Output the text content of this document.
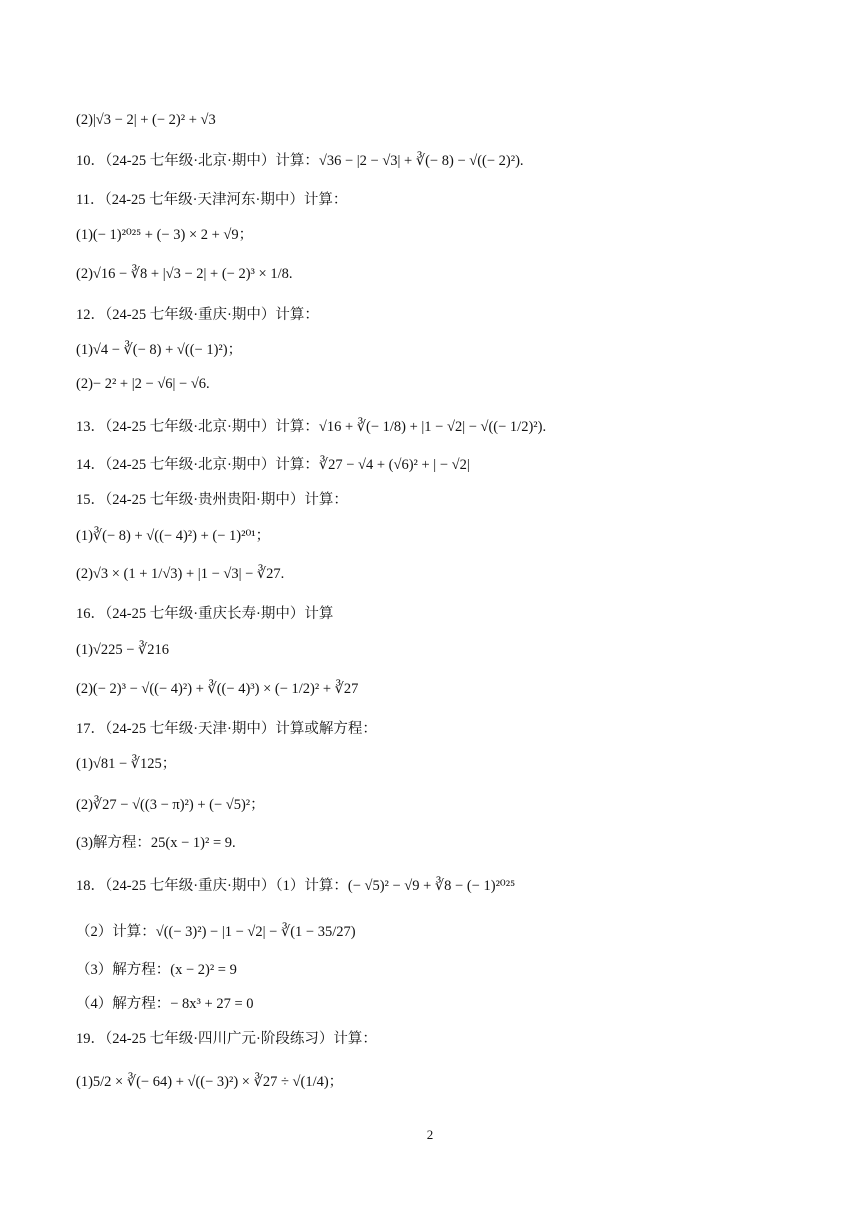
(2)|√3 − 2| + (− 2)² + √3
10．（24-25 七年级·北京·期中）计算：√36 − |2 − √3| + ∛(− 8) − √((− 2)²).
11．（24-25 七年级·天津河东·期中）计算：
(1)(− 1)²⁰²⁵ + (− 3) × 2 + √9；
(2)√16 − ∛8 + |√3 − 2| + (− 2)³ × 1/8.
12．（24-25 七年级·重庆·期中）计算：
(1)√4 − ∛(− 8) + √((− 1)²)；
(2)− 2² + |2 − √6| − √6.
13．（24-25 七年级·北京·期中）计算：√16 + ∛(− 1/8) + |1 − √2| − √((− 1/2)²).
14．（24-25 七年级·北京·期中）计算：∛27 − √4 + (√6)² + | − √2|
15．（24-25 七年级·贵州贵阳·期中）计算：
(1)∛(− 8) + √((− 4)²) + (− 1)²⁰¹；
(2)√3 × (1 + 1/√3) + |1 − √3| − ∛27.
16．（24-25 七年级·重庆长寿·期中）计算
(1)√225 − ∛216
(2)(− 2)³ − √((− 4)²) + ∛((− 4)³) × (− 1/2)² + ∛27
17．（24-25 七年级·天津·期中）计算或解方程：
(1)√81 − ∛125；
(2)∛27 − √((3 − π)²) + (− √5)²；
(3)解方程：25(x − 1)² = 9.
18．（24-25 七年级·重庆·期中）（1）计算：(− √5)² − √9 + ∛8 − (− 1)²⁰²⁵
（2）计算：√((− 3)²) − |1 − √2| − ∛(1 − 35/27)
（3）解方程：(x − 2)² = 9
（4）解方程：− 8x³ + 27 = 0
19．（24-25 七年级·四川广元·阶段练习）计算：
(1)5/2 × ∛(− 64) + √((− 3)²) × ∛27 ÷ √(1/4)；
2
